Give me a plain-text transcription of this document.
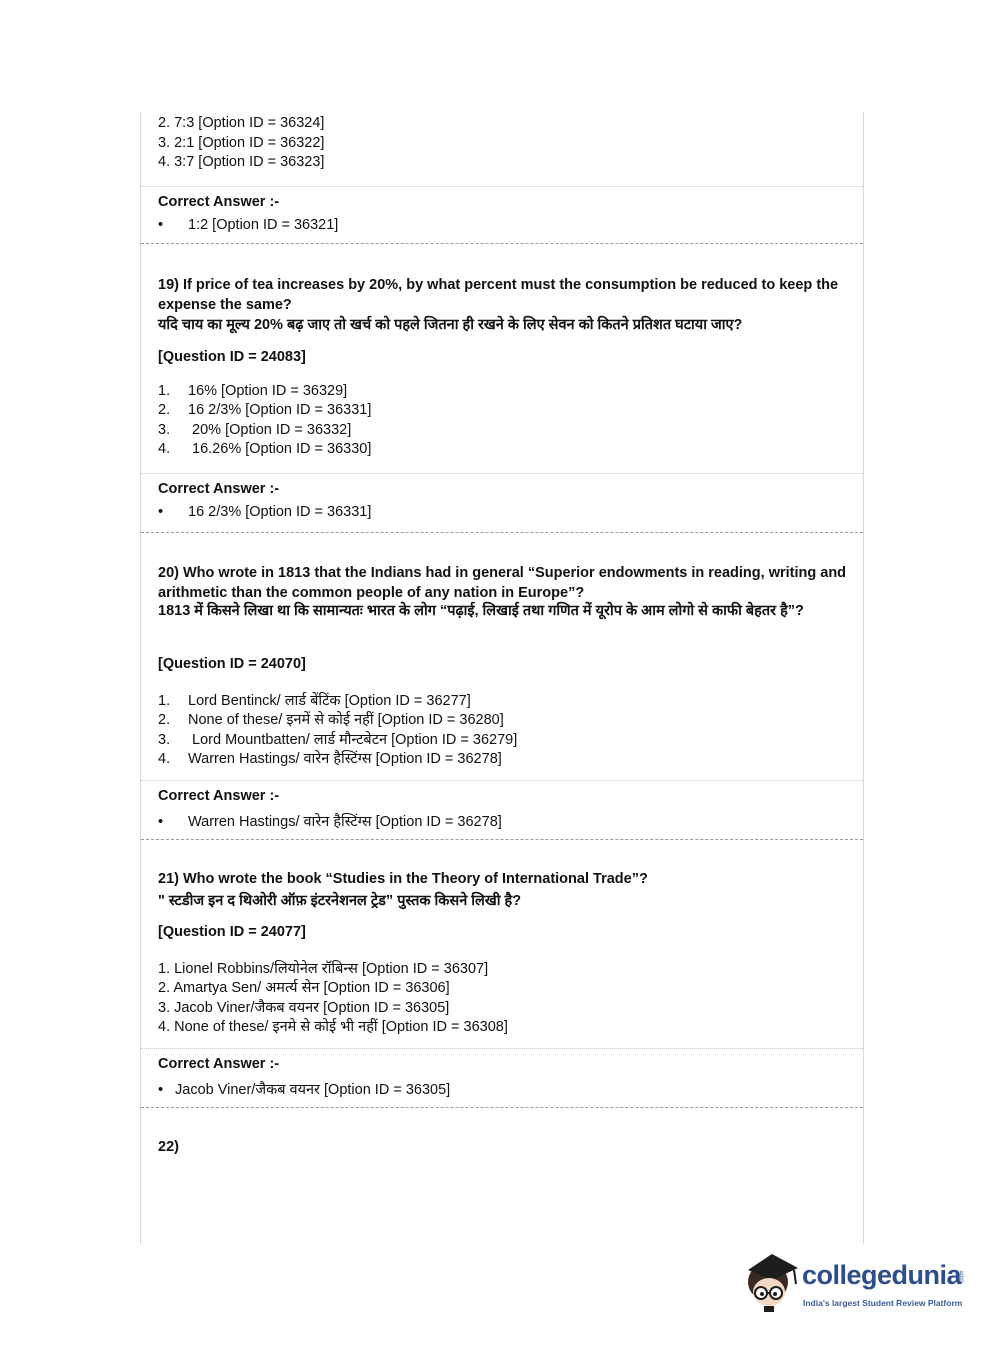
2. 7:3 [Option ID = 36324]
3. 2:1 [Option ID = 36322]
4. 3:7 [Option ID = 36323]
Correct Answer :-
• 1:2 [Option ID = 36321]
19) If price of tea increases by 20%, by what percent must the consumption be reduced to keep the expense the same?
यदि चाय का मूल्य 20% बढ़ जाए तो खर्च को पहले जितना ही रखने के लिए सेवन को कितने प्रतिशत घटाया जाए?
[Question ID = 24083]
1. 16% [Option ID = 36329]
2. 16 2/3% [Option ID = 36331]
3. 20% [Option ID = 36332]
4. 16.26% [Option ID = 36330]
Correct Answer :-
• 16 2/3% [Option ID = 36331]
20) Who wrote in 1813 that the Indians had in general “Superior endowments in reading, writing and arithmetic than the common people of any nation in Europe”?
1813 में किसने लिखा था कि सामान्यतः भारत के लोग “पढ़ाई, लिखाई तथा गणित में यूरोप के आम लोगो से काफी बेहतर है”?
[Question ID = 24070]
1. Lord Bentinck/ लार्ड बेंटिंक [Option ID = 36277]
2. None of these/ इनमें से कोई नहीं [Option ID = 36280]
3. Lord Mountbatten/ लार्ड मौन्टबेटन [Option ID = 36279]
4. Warren Hastings/ वारेन हैस्टिंग्स [Option ID = 36278]
Correct Answer :-
• Warren Hastings/ वारेन हैस्टिंग्स [Option ID = 36278]
21) Who wrote the book “Studies in the Theory of International Trade”?
" स्टडीज इन द थिओरी ऑफ़ इंटरनेशनल ट्रेड” पुस्तक किसने लिखी है?
[Question ID = 24077]
1. Lionel Robbins/लियोनेल रॉबिन्स [Option ID = 36307]
2. Amartya Sen/ अमर्त्य सेन [Option ID = 36306]
3. Jacob Viner/जैकब वयनर [Option ID = 36305]
4. None of these/ इनमे से कोई भी नहीं [Option ID = 36308]
Correct Answer :-
• Jacob Viner/जैकब वयनर [Option ID = 36305]
22)
collegedunia
.com
India's largest Student Review Platform
